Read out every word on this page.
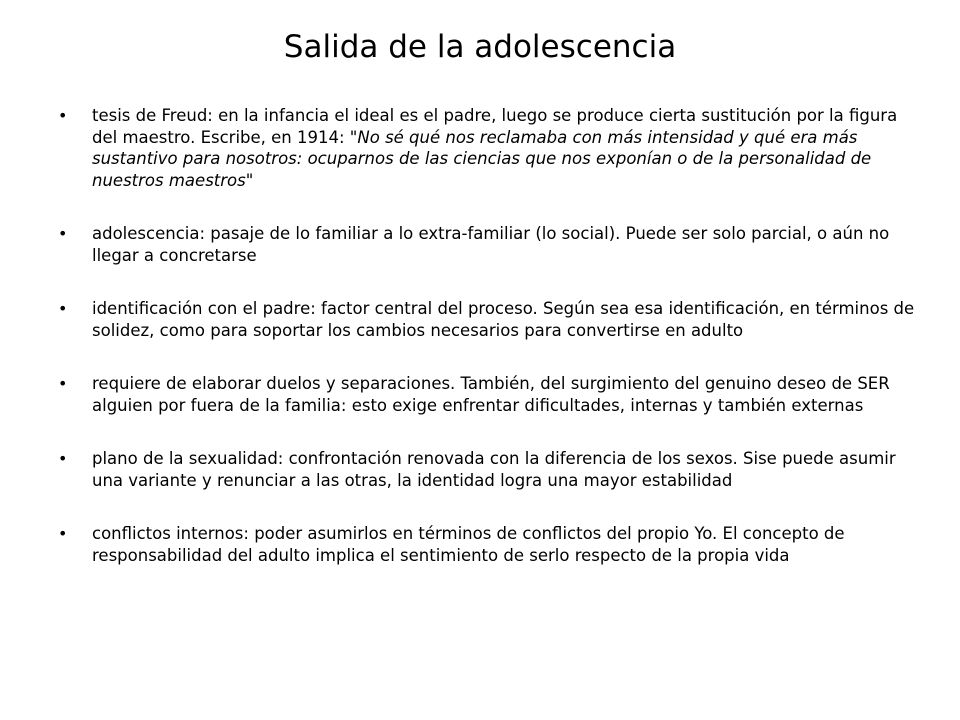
Salida de la adolescencia
• tesis de Freud: en la infancia el ideal es el padre, luego se produce cierta sustitución por la figura del maestro. Escribe, en 1914: "No sé qué nos reclamaba con más intensidad y qué era más sustantivo para nosotros: ocuparnos de las ciencias que nos exponían o de la personalidad de nuestros maestros"
• adolescencia: pasaje de lo familiar a lo extra-familiar (lo social). Puede ser solo parcial, o aún no llegar a concretarse
• identificación con el padre: factor central del proceso. Según sea esa identificación, en términos de solidez, como para soportar los cambios necesarios para convertirse en adulto
• requiere de elaborar duelos y separaciones. También, del surgimiento del genuino deseo de SER alguien por fuera de la familia: esto exige enfrentar dificultades, internas y también externas
• plano de la sexualidad: confrontación renovada con la diferencia de los sexos. Sise puede asumir una variante y renunciar a las otras, la identidad logra una mayor estabilidad
• conflictos internos: poder asumirlos en términos de conflictos del propio Yo. El concepto de responsabilidad del adulto implica el sentimiento de serlo respecto de la propia vida
